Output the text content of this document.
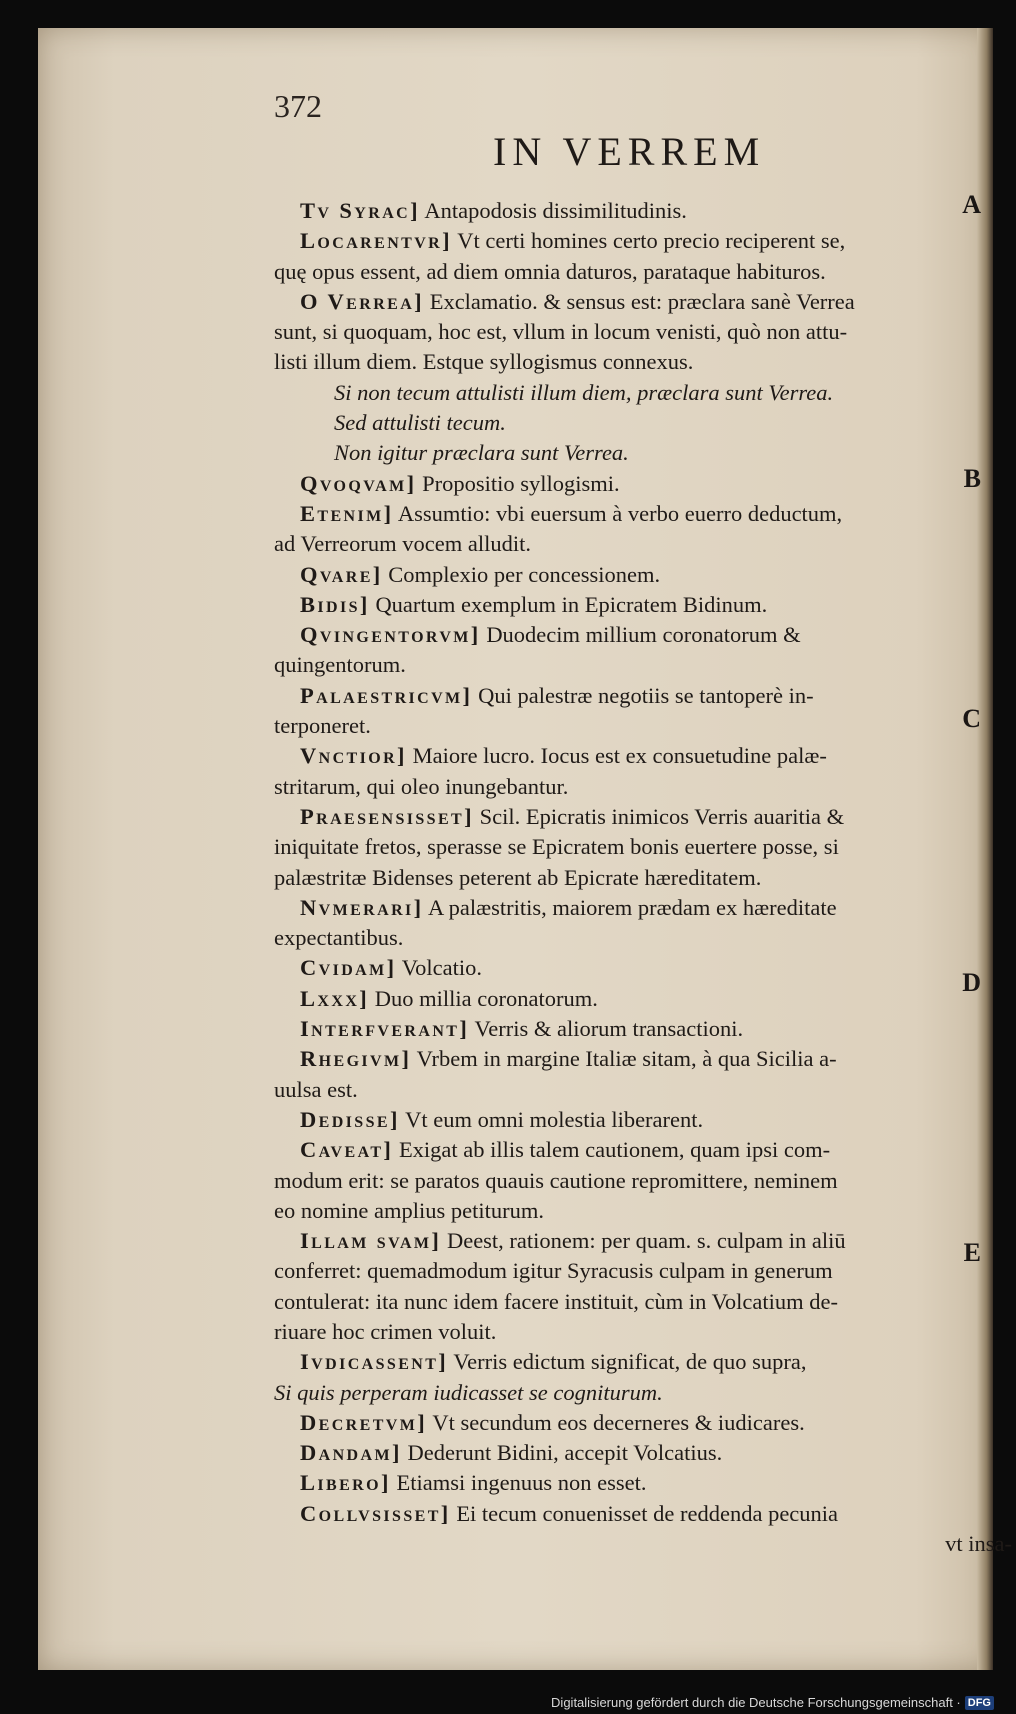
372
IN VERREM
Tv Syrac] Antapodosis dissimilitudinis.
Locarentvr] Vt certi homines certo precio reciperent se,
quę opus essent, ad diem omnia daturos, parataque habituros.
O Verrea] Exclamatio. & sensus est: præclara sanè Verrea
sunt, si quoquam, hoc est, vllum in locum venisti, quò non attu-
listi illum diem. Estque syllogismus connexus.
Si non tecum attulisti illum diem, præclara sunt Verrea.
Sed attulisti tecum.
Non igitur præclara sunt Verrea.
Qvoqvam] Propositio syllogismi.
Etenim] Assumtio: vbi euersum à verbo euerro deductum,
ad Verreorum vocem alludit.
Qvare] Complexio per concessionem.
Bidis] Quartum exemplum in Epicratem Bidinum.
Qvingentorvm] Duodecim millium coronatorum &
quingentorum.
Palaestricvm] Qui palestræ negotiis se tantoperè in-
terponeret.
Vnctior] Maiore lucro. Iocus est ex consuetudine palæ-
stritarum, qui oleo inungebantur.
Praesensisset] Scil. Epicratis inimicos Verris auaritia &
iniquitate fretos, sperasse se Epicratem bonis euertere posse, si
palæstritæ Bidenses peterent ab Epicrate hæreditatem.
Nvmerari] A palæstritis, maiorem prædam ex hæreditate
expectantibus.
Cvidam] Volcatio.
Lxxx] Duo millia coronatorum.
Interfverant] Verris & aliorum transactioni.
Rhegivm] Vrbem in margine Italiæ sitam, à qua Sicilia a-
uulsa est.
Dedisse] Vt eum omni molestia liberarent.
Caveat] Exigat ab illis talem cautionem, quam ipsi com-
modum erit: se paratos quauis cautione repromittere, neminem
eo nomine amplius petiturum.
Illam svam] Deest, rationem: per quam. s. culpam in aliū
conferret: quemadmodum igitur Syracusis culpam in generum
contulerat: ita nunc idem facere instituit, cùm in Volcatium de-
riuare hoc crimen voluit.
Ivdicassent] Verris edictum significat, de quo supra,
Si quis perperam iudicasset se cogniturum.
Decretvm] Vt secundum eos decerneres & iudicares.
Dandam] Dederunt Bidini, accepit Volcatius.
Libero] Etiamsi ingenuus non esset.
Collvsisset] Ei tecum conuenisset de reddenda pecunia
vt insa-
A
B
C
D
E
Digitalisierung gefördert durch die Deutsche Forschungsgemeinschaft · DFG
